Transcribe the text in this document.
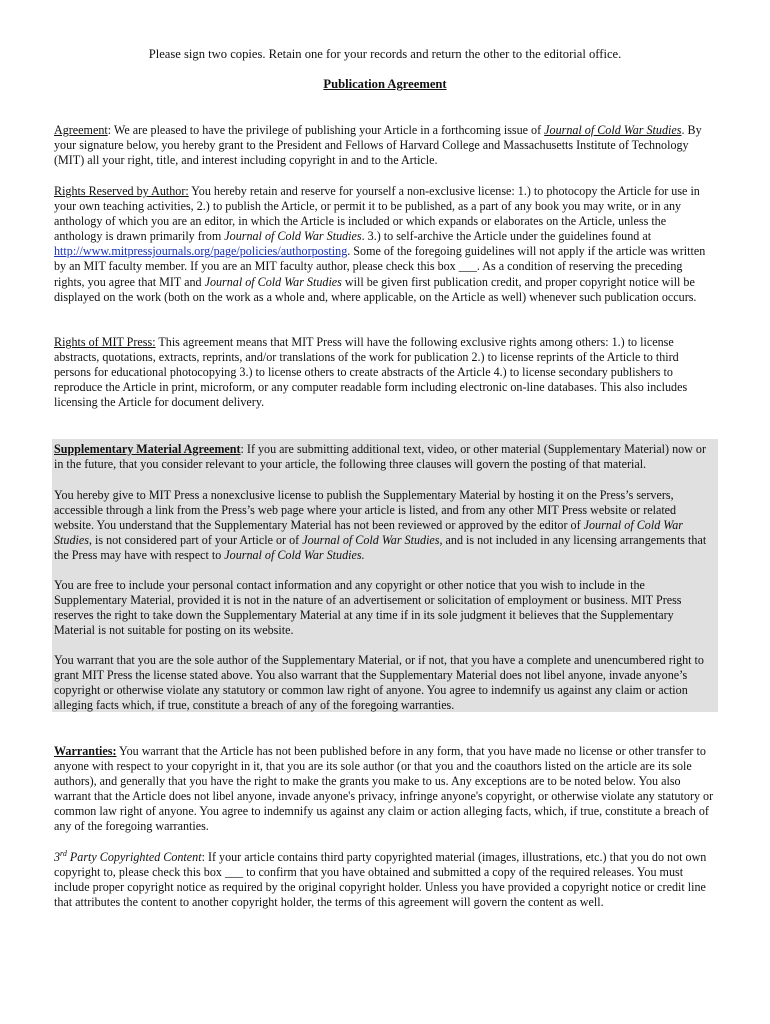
Please sign two copies. Retain one for your records and return the other to the editorial office.
Publication Agreement

Agreement: We are pleased to have the privilege of publishing your Article in a forthcoming issue of Journal of Cold War Studies. By your signature below, you hereby grant to the President and Fellows of Harvard College and Massachusetts Institute of Technology (MIT) all your right, title, and interest including copyright in and to the Article.

Rights Reserved by Author: You hereby retain and reserve for yourself a non-exclusive license: 1.) to photocopy the Article for use in your own teaching activities, 2.) to publish the Article, or permit it to be published, as a part of any book you may write, or in any anthology of which you are an editor, in which the Article is included or which expands or elaborates on the Article, unless the anthology is drawn primarily from Journal of Cold War Studies. 3.) to self-archive the Article under the guidelines found at http://www.mitpressjournals.org/page/policies/authorposting. Some of the foregoing guidelines will not apply if the article was written by an MIT faculty member. If you are an MIT faculty author, please check this box ___. As a condition of reserving the preceding rights, you agree that MIT and Journal of Cold War Studies will be given first publication credit, and proper copyright notice will be displayed on the work (both on the work as a whole and, where applicable, on the Article as well) whenever such publication occurs.

Rights of MIT Press: This agreement means that MIT Press will have the following exclusive rights among others: 1.) to license abstracts, quotations, extracts, reprints, and/or translations of the work for publication 2.) to license reprints of the Article to third persons for educational photocopying 3.) to license others to create abstracts of the Article 4.) to license secondary publishers to reproduce the Article in print, microform, or any computer readable form including electronic on-line databases. This also includes licensing the Article for document delivery.

Supplementary Material Agreement: If you are submitting additional text, video, or other material (Supplementary Material) now or in the future, that you consider relevant to your article, the following three clauses will govern the posting of that material.

You hereby give to MIT Press a nonexclusive license to publish the Supplementary Material by hosting it on the Press’s servers, accessible through a link from the Press’s web page where your article is listed, and from any other MIT Press website or related website. You understand that the Supplementary Material has not been reviewed or approved by the editor of Journal of Cold War Studies, is not considered part of your Article or of Journal of Cold War Studies, and is not included in any licensing arrangements that the Press may have with respect to Journal of Cold War Studies.

You are free to include your personal contact information and any copyright or other notice that you wish to include in the Supplementary Material, provided it is not in the nature of an advertisement or solicitation of employment or business. MIT Press reserves the right to take down the Supplementary Material at any time if in its sole judgment it believes that the Supplementary Material is not suitable for posting on its website.

You warrant that you are the sole author of the Supplementary Material, or if not, that you have a complete and unencumbered right to grant MIT Press the license stated above. You also warrant that the Supplementary Material does not libel anyone, invade anyone’s copyright or otherwise violate any statutory or common law right of anyone. You agree to indemnify us against any claim or action alleging facts which, if true, constitute a breach of any of the foregoing warranties.

Warranties: You warrant that the Article has not been published before in any form, that you have made no license or other transfer to anyone with respect to your copyright in it, that you are its sole author (or that you and the coauthors listed on the article are its sole authors), and generally that you have the right to make the grants you make to us. Any exceptions are to be noted below. You also warrant that the Article does not libel anyone, invade anyone's privacy, infringe anyone's copyright, or otherwise violate any statutory or common law right of anyone. You agree to indemnify us against any claim or action alleging facts, which, if true, constitute a breach of any of the foregoing warranties.

3rd Party Copyrighted Content: If your article contains third party copyrighted material (images, illustrations, etc.) that you do not own copyright to, please check this box ___ to confirm that you have obtained and submitted a copy of the required releases. You must include proper copyright notice as required by the original copyright holder. Unless you have provided a copyright notice or credit line that attributes the content to another copyright holder, the terms of this agreement will govern the content as well.
